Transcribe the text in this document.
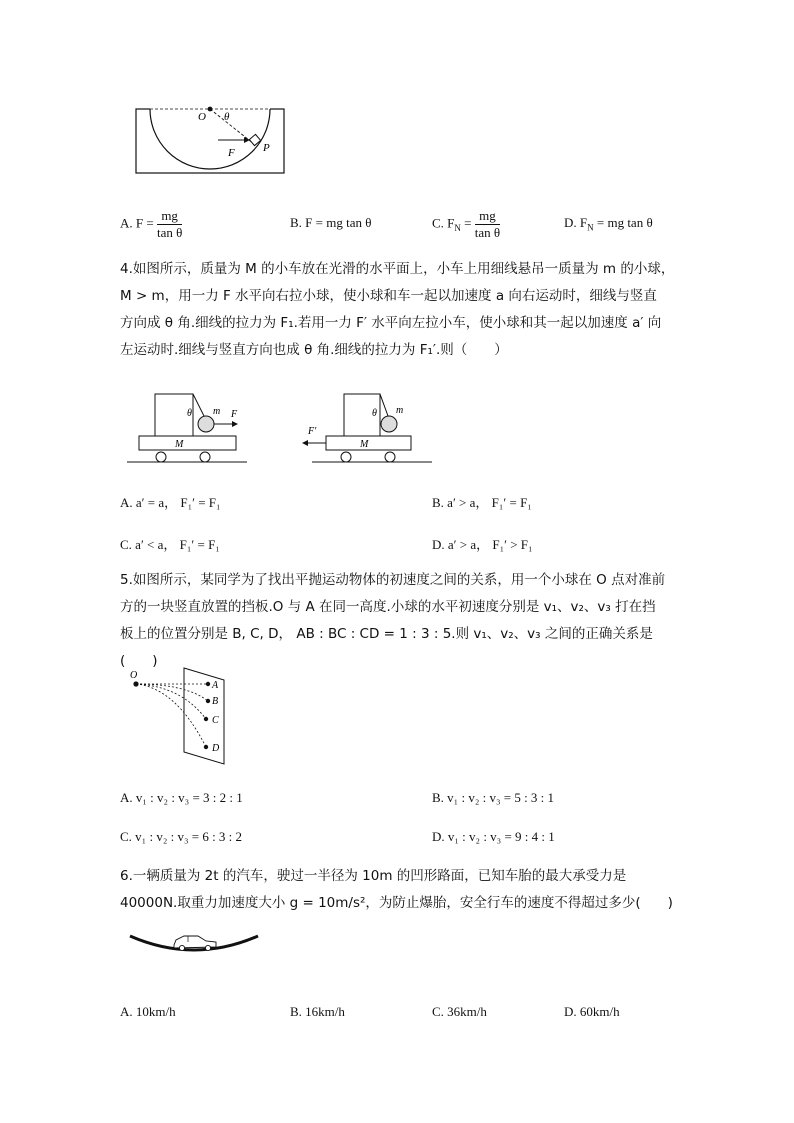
O θ
F	P
A. $F = \frac{mg}{\text{tan θ}}$	B. F = mg tan θ	C. $F_N = \frac{mg}{\text{tan θ}}$	D. $F_N$ = mg tan θ
4.如图所示，质量为 M 的小车放在光滑的水平面上，小车上用细线悬吊一质量为 m 的小球，
M > m，用一力 F 水平向右拉小球，使小球和车一起以加速度 a 向右运动时，细线与竖直
方向成 θ 角.细线的拉力为 F₁.若用一力 F′ 水平向左拉小车，使小球和其一起以加速度 a′ 向
左运动时.细线与竖直方向也成 θ 角.细线的拉力为 F₁′.则（　　）
θ m F
M
θ m
F′
M
A. a′ = a， F₁′ = F₁	B. a′ > a， F₁′ = F₁
C. a′ < a， F₁′ = F₁	D. a′ > a， F₁′ > F₁
5.如图所示，某同学为了找出平抛运动物体的初速度之间的关系，用一个小球在 O 点对准前
方的一块竖直放置的挡板.O 与 A 在同一高度.小球的水平初速度分别是 v₁、v₂、v₃ 打在挡
板上的位置分别是 B, C, D， AB : BC : CD = 1 : 3 : 5.则 v₁、v₂、v₃ 之间的正确关系是(　　)
O
A
B
C
D
A. v₁ : v₂ : v₃ = 3 : 2 : 1	B. v₁ : v₂ : v₃ = 5 : 3 : 1
C. v₁ : v₂ : v₃ = 6 : 3 : 2	D. v₁ : v₂ : v₃ = 9 : 4 : 1
6.一辆质量为 2t 的汽车，驶过一半径为 10m 的凹形路面，已知车胎的最大承受力是
40000N.取重力加速度大小 g = 10m/s²，为防止爆胎，安全行车的速度不得超过多少(　　)
A. 10km/h	B. 16km/h	C. 36km/h	D. 60km/h
